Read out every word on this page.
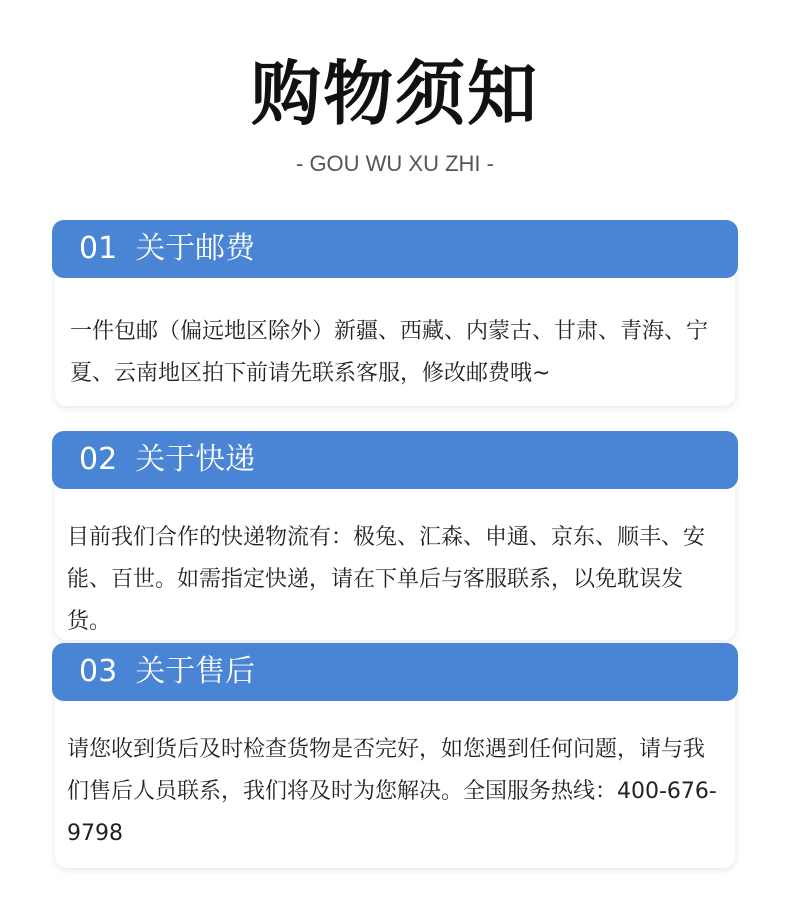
购物须知
- GOU WU XU ZHI -
01 关于邮费
一件包邮（偏远地区除外）新疆、西藏、内蒙古、甘肃、青海、宁夏、云南地区拍下前请先联系客服，修改邮费哦~
02 关于快递
目前我们合作的快递物流有：极兔、汇森、申通、京东、顺丰、安能、百世。如需指定快递，请在下单后与客服联系，以免耽误发货。
03 关于售后
请您收到货后及时检查货物是否完好，如您遇到任何问题，请与我们售后人员联系，我们将及时为您解决。全国服务热线：400-676-9798
